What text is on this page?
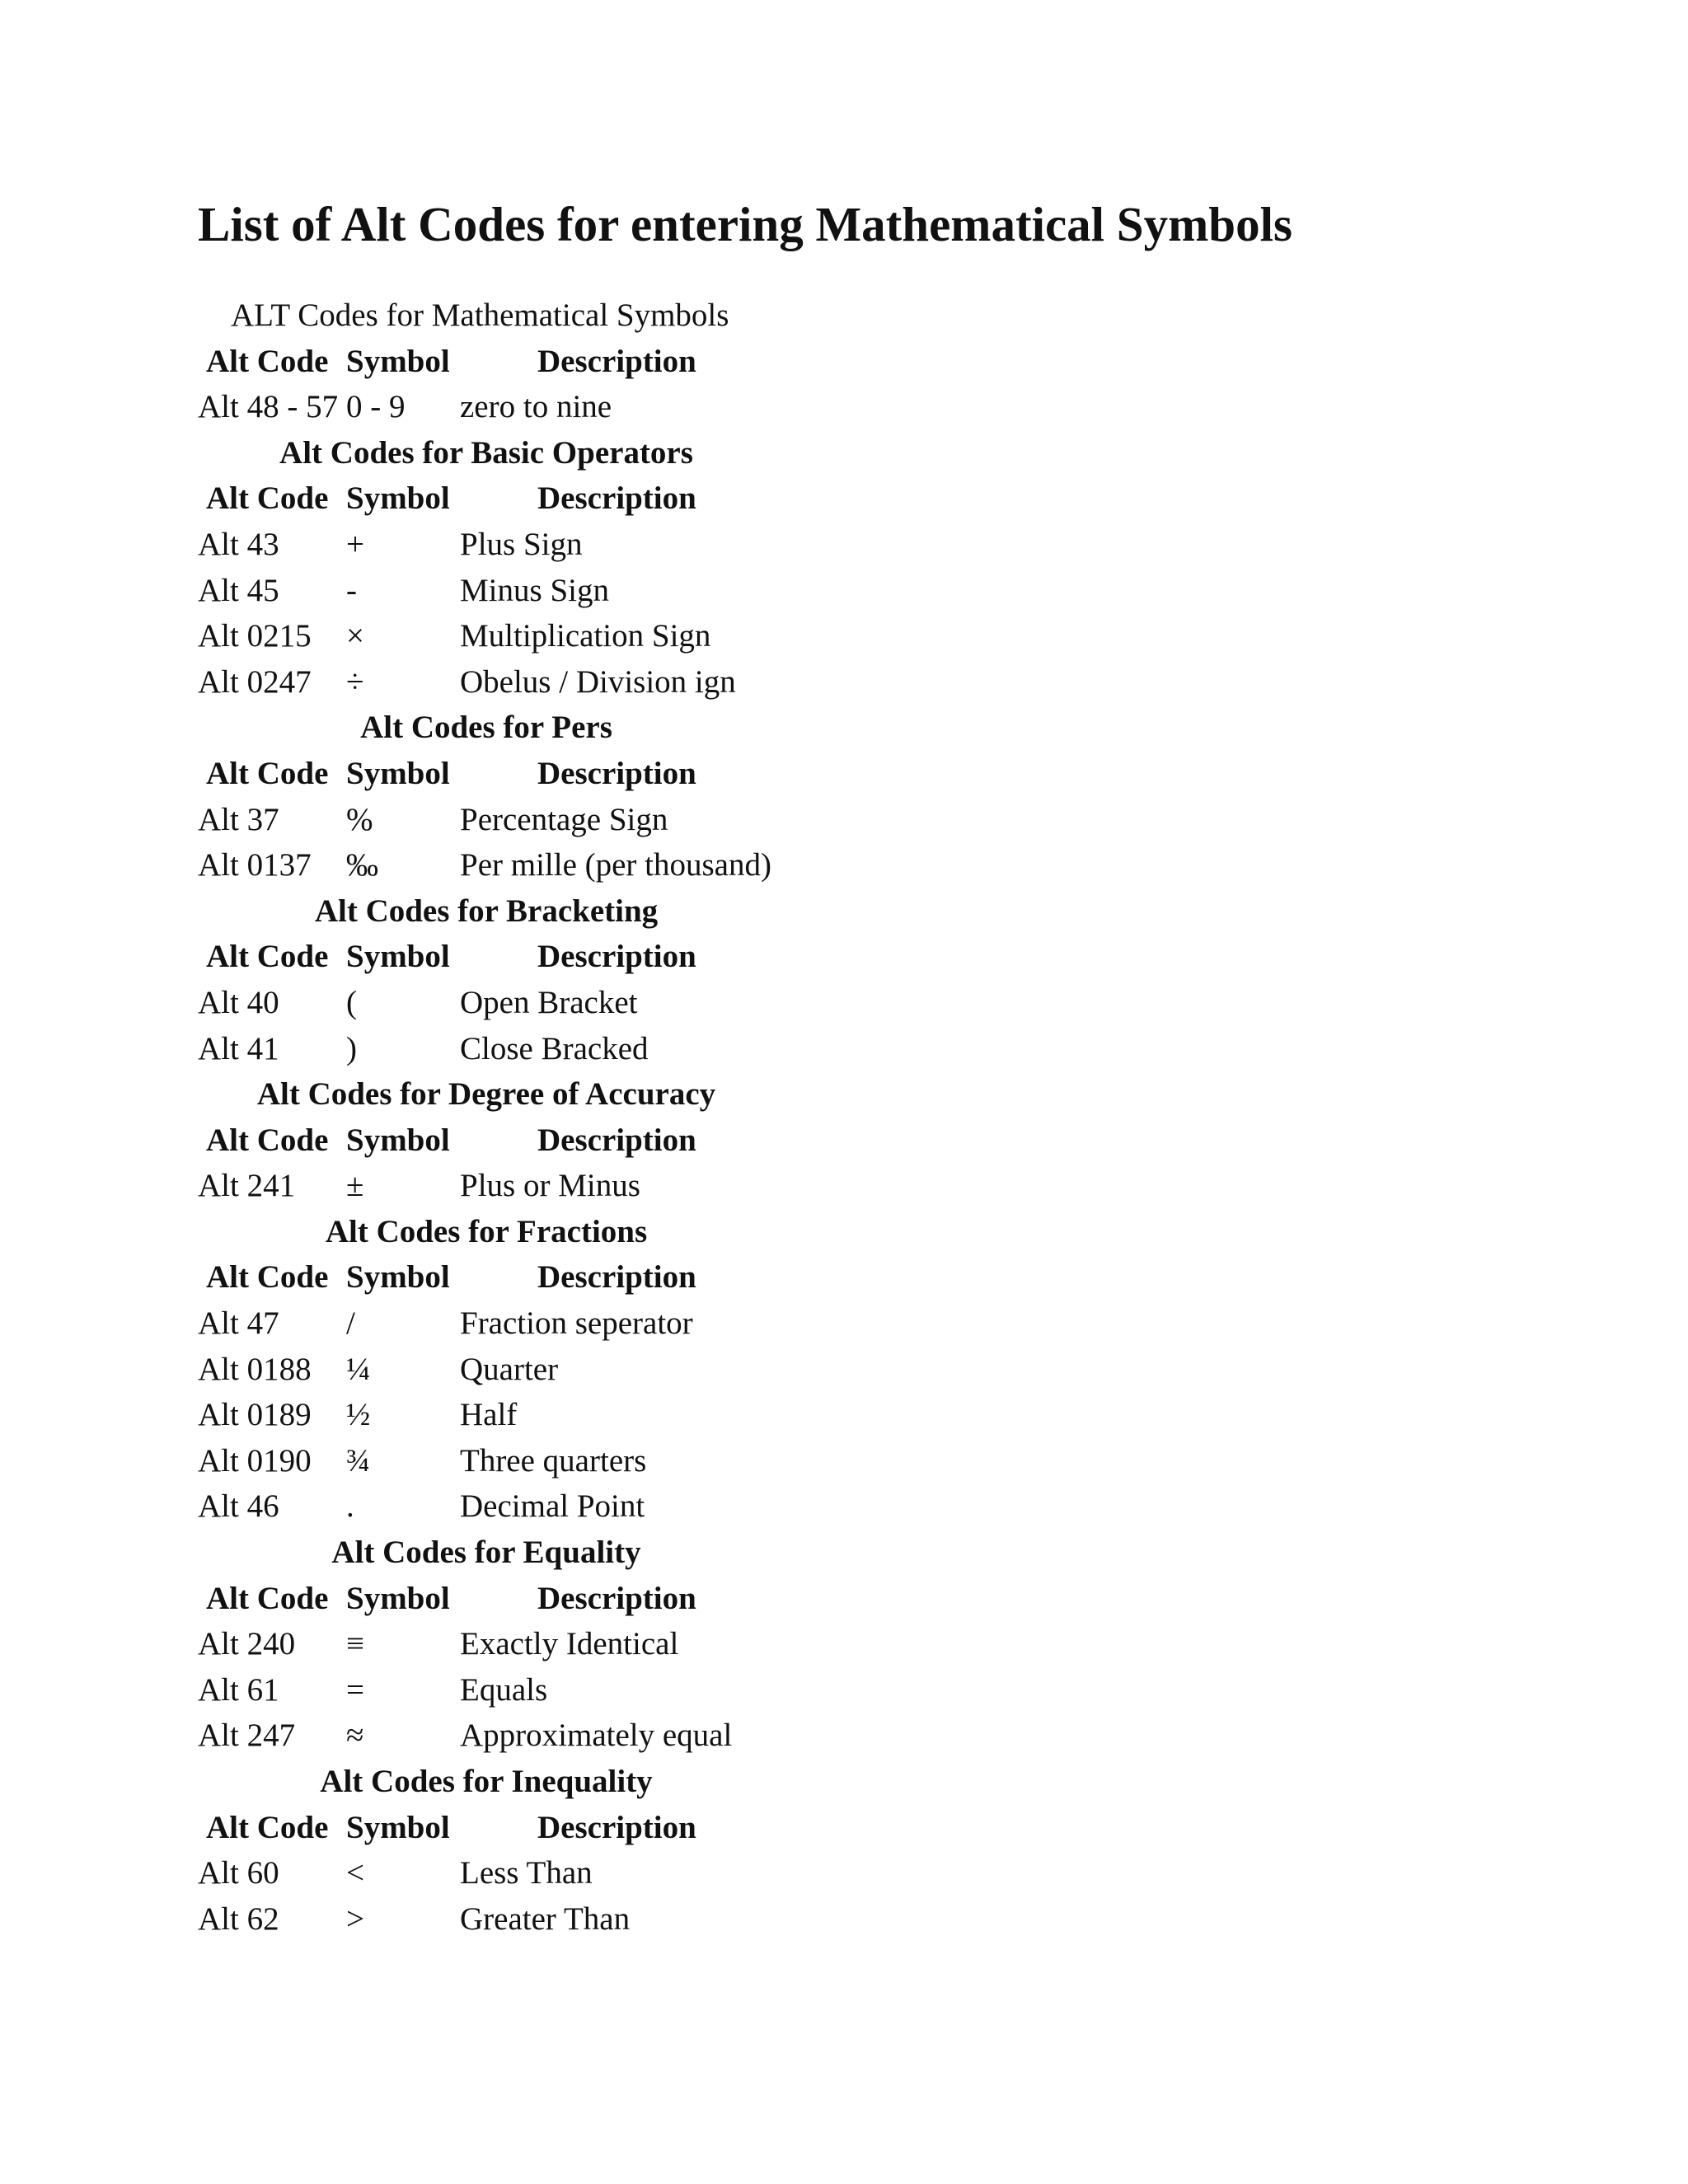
List of Alt Codes for entering Mathematical Symbols
ALT Codes for Mathematical Symbols
Alt Code Symbol	Description
Alt 48 - 57 0 - 9 zero to nine
Alt Codes for Basic Operators
Alt Code Symbol	Description
Alt 43 +	Plus Sign
Alt 45 -	Minus Sign
Alt 0215 ×	Multiplication Sign
Alt 0247 ÷	Obelus / Division ign
Alt Codes for Pers
Alt Code Symbol	Description
Alt 37 %	Percentage Sign
Alt 0137 ‰	Per mille (per thousand)
Alt Codes for Bracketing
Alt Code Symbol	Description
Alt 40 (	Open Bracket
Alt 41 )	Close Bracked
Alt Codes for Degree of Accuracy
Alt Code Symbol	Description
Alt 241 ±	Plus or Minus
Alt Codes for Fractions
Alt Code Symbol	Description
Alt 47 /	Fraction seperator
Alt 0188 ¼	Quarter
Alt 0189 ½	Half
Alt 0190 ¾	Three quarters
Alt 46 .	Decimal Point
Alt Codes for Equality
Alt Code Symbol	Description
Alt 240 ≡	Exactly Identical
Alt 61 =	Equals
Alt 247 ≈	Approximately equal
Alt Codes for Inequality
Alt Code Symbol	Description
Alt 60 <	Less Than
Alt 62 >	Greater Than
